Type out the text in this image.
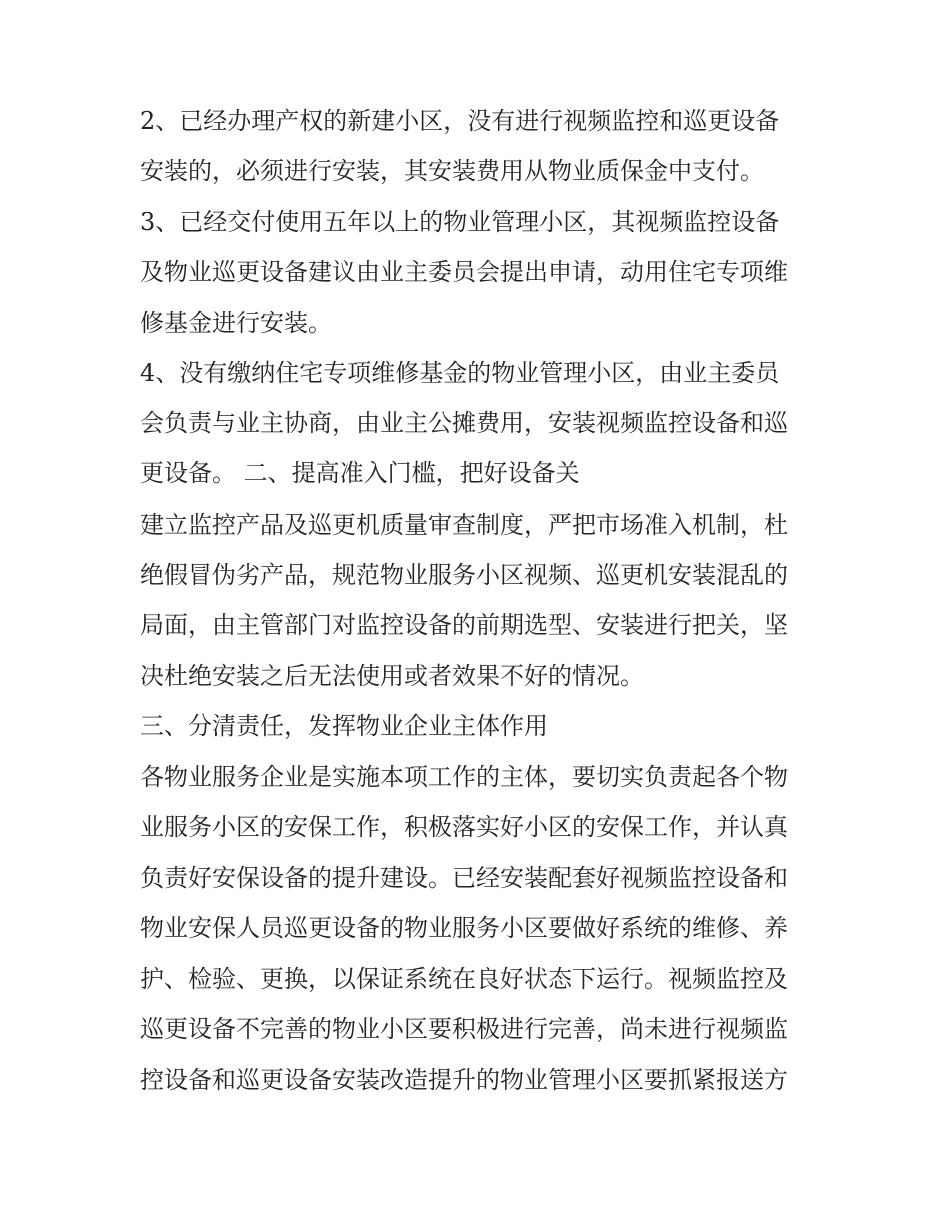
2、已经办理产权的新建小区，没有进行视频监控和巡更设备
安装的，必须进行安装，其安装费用从物业质保金中支付。
3、已经交付使用五年以上的物业管理小区，其视频监控设备
及物业巡更设备建议由业主委员会提出申请，动用住宅专项维
修基金进行安装。
4、没有缴纳住宅专项维修基金的物业管理小区，由业主委员
会负责与业主协商，由业主公摊费用，安装视频监控设备和巡
更设备。 二、提高准入门槛，把好设备关
建立监控产品及巡更机质量审查制度，严把市场准入机制，杜
绝假冒伪劣产品，规范物业服务小区视频、巡更机安装混乱的
局面，由主管部门对监控设备的前期选型、安装进行把关，坚
决杜绝安装之后无法使用或者效果不好的情况。
三、分清责任，发挥物业企业主体作用
各物业服务企业是实施本项工作的主体，要切实负责起各个物
业服务小区的安保工作，积极落实好小区的安保工作，并认真
负责好安保设备的提升建设。已经安装配套好视频监控设备和
物业安保人员巡更设备的物业服务小区要做好系统的维修、养
护、检验、更换，以保证系统在良好状态下运行。视频监控及
巡更设备不完善的物业小区要积极进行完善，尚未进行视频监
控设备和巡更设备安装改造提升的物业管理小区要抓紧报送方
